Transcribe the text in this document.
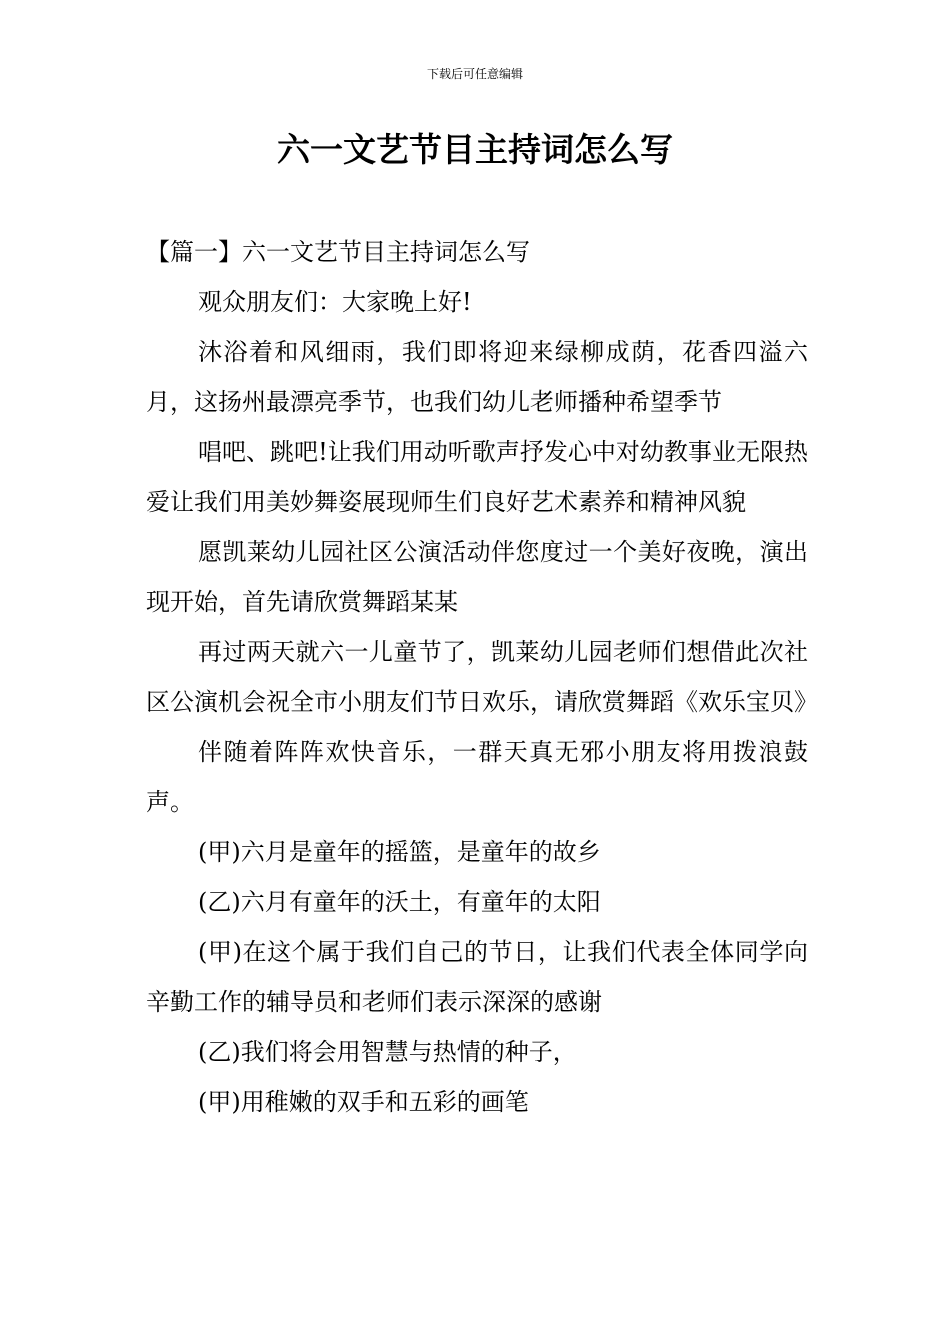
下载后可任意编辑
六一文艺节目主持词怎么写

【篇一】六一文艺节目主持词怎么写

观众朋友们：大家晚上好!

沐浴着和风细雨，我们即将迎来绿柳成荫，花香四溢六月，这扬州最漂亮季节，也我们幼儿老师播种希望季节

唱吧、跳吧!让我们用动听歌声抒发心中对幼教事业无限热爱让我们用美妙舞姿展现师生们良好艺术素养和精神风貌

愿凯莱幼儿园社区公演活动伴您度过一个美好夜晚，演出现开始，首先请欣赏舞蹈某某

再过两天就六一儿童节了，凯莱幼儿园老师们想借此次社区公演机会祝全市小朋友们节日欢乐，请欣赏舞蹈《欢乐宝贝》

伴随着阵阵欢快音乐，一群天真无邪小朋友将用拨浪鼓声。

(甲)六月是童年的摇篮，是童年的故乡

(乙)六月有童年的沃土，有童年的太阳

(甲)在这个属于我们自己的节日，让我们代表全体同学向辛勤工作的辅导员和老师们表示深深的感谢

(乙)我们将会用智慧与热情的种子，

(甲)用稚嫩的双手和五彩的画笔
